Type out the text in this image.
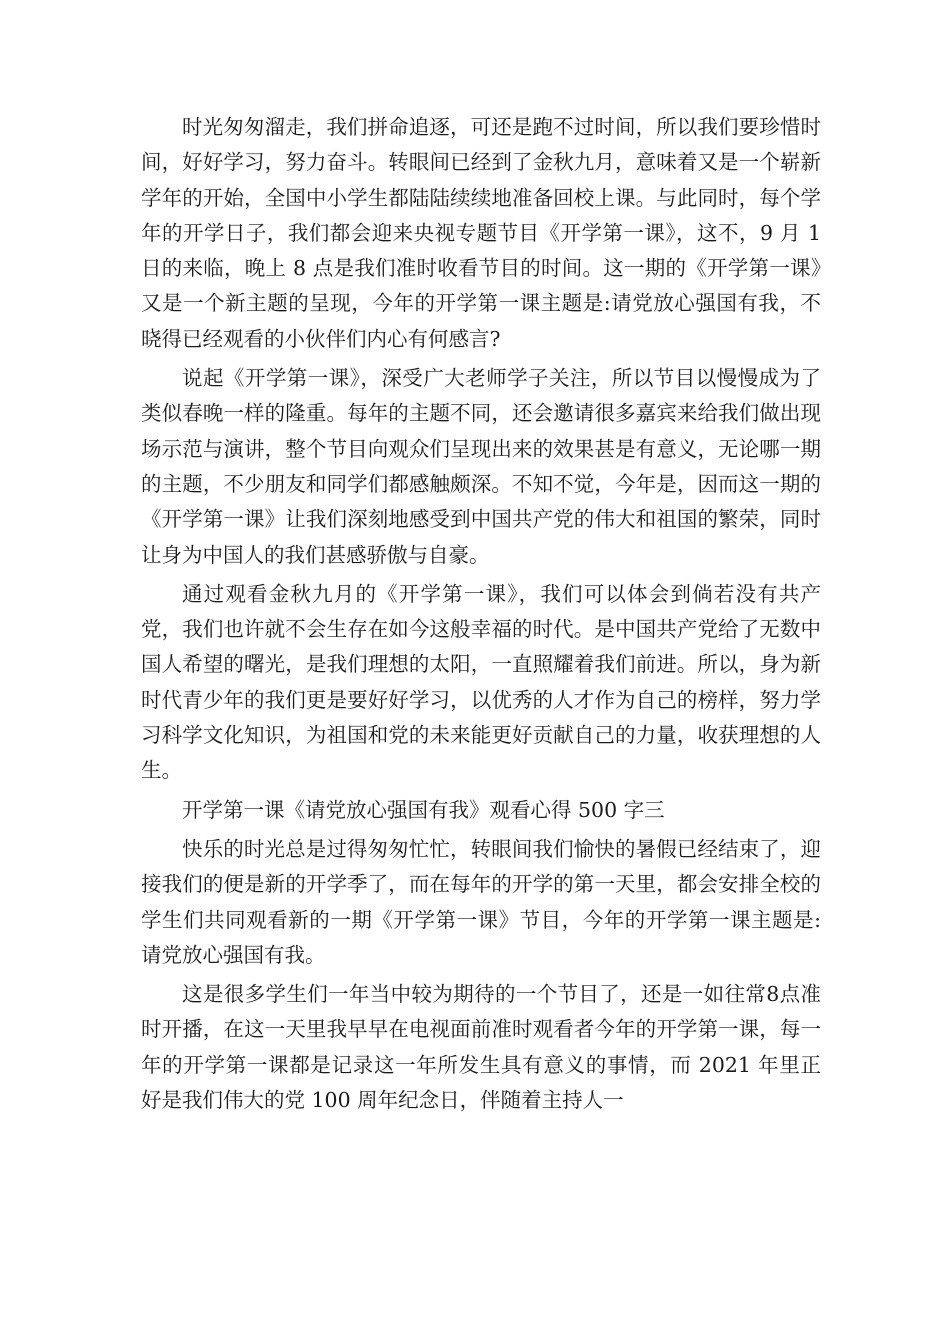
时光匆匆溜走，我们拼命追逐，可还是跑不过时间，所以我们要珍惜时间，好好学习，努力奋斗。转眼间已经到了金秋九月，意味着又是一个崭新学年的开始，全国中小学生都陆陆续续地准备回校上课。与此同时，每个学年的开学日子，我们都会迎来央视专题节目《开学第一课》，这不，9 月 1 日的来临，晚上 8 点是我们准时收看节目的时间。这一期的《开学第一课》又是一个新主题的呈现，今年的开学第一课主题是:请党放心强国有我，不晓得已经观看的小伙伴们内心有何感言?

说起《开学第一课》，深受广大老师学子关注，所以节目以慢慢成为了类似春晚一样的隆重。每年的主题不同，还会邀请很多嘉宾来给我们做出现场示范与演讲，整个节目向观众们呈现出来的效果甚是有意义，无论哪一期的主题，不少朋友和同学们都感触颇深。不知不觉，今年是，因而这一期的《开学第一课》让我们深刻地感受到中国共产党的伟大和祖国的繁荣，同时让身为中国人的我们甚感骄傲与自豪。

通过观看金秋九月的《开学第一课》，我们可以体会到倘若没有共产党，我们也许就不会生存在如今这般幸福的时代。是中国共产党给了无数中国人希望的曙光，是我们理想的太阳，一直照耀着我们前进。所以，身为新时代青少年的我们更是要好好学习，以优秀的人才作为自己的榜样，努力学习科学文化知识，为祖国和党的未来能更好贡献自己的力量，收获理想的人生。

开学第一课《请党放心强国有我》观看心得 500 字三

快乐的时光总是过得匆匆忙忙，转眼间我们愉快的暑假已经结束了，迎接我们的便是新的开学季了，而在每年的开学的第一天里，都会安排全校的学生们共同观看新的一期《开学第一课》节目，今年的开学第一课主题是:请党放心强国有我。

这是很多学生们一年当中较为期待的一个节目了，还是一如往常8点准时开播，在这一天里我早早在电视面前准时观看者今年的开学第一课，每一年的开学第一课都是记录这一年所发生具有意义的事情，而 2021 年里正好是我们伟大的党 100 周年纪念日，伴随着主持人一
